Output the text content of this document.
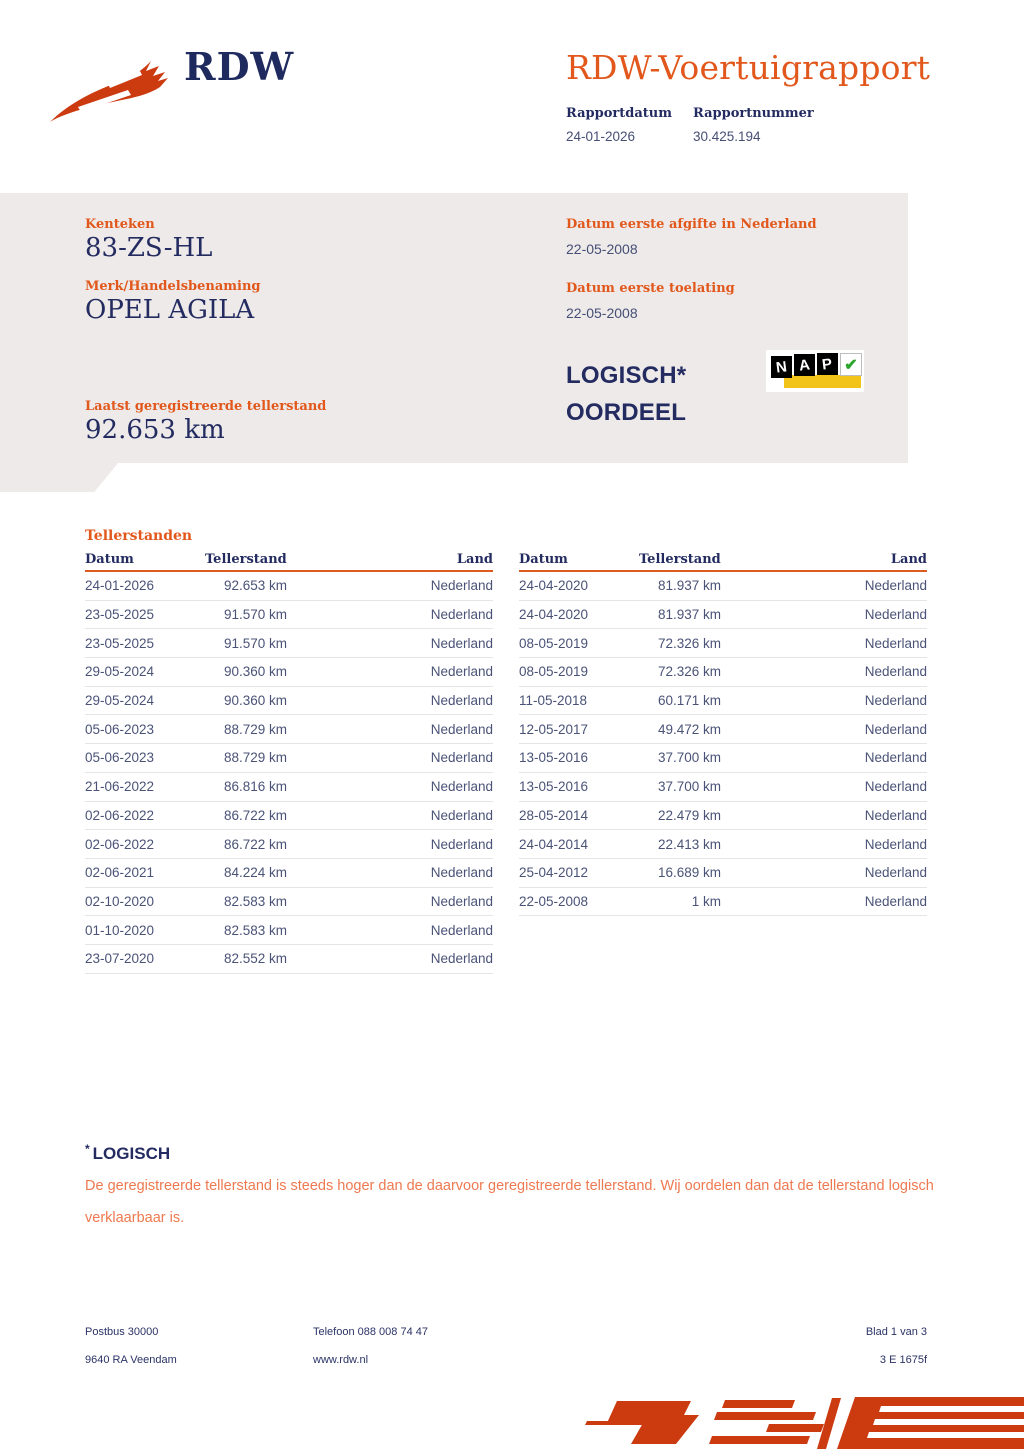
RDW	RDW-Voertuigrapport
Rapportdatum Rapportnummer
24-01-2026	30.425.194
Kenteken
83-ZS-HL
Merk/Handelsbenaming
OPEL AGILA
Laatst geregistreerde tellerstand
92.653 km
Datum eerste afgifte in Nederland
22-05-2008
Datum eerste toelating
22-05-2008
LOGISCH*
OORDEEL
N A P ✔
Tellerstanden
Datum	Tellerstand	Land
24-01-2026	92.653 km	Nederland
23-05-2025	91.570 km	Nederland
23-05-2025	91.570 km	Nederland
29-05-2024	90.360 km	Nederland
29-05-2024	90.360 km	Nederland
05-06-2023	88.729 km	Nederland
05-06-2023	88.729 km	Nederland
21-06-2022	86.816 km	Nederland
02-06-2022	86.722 km	Nederland
02-06-2022	86.722 km	Nederland
02-06-2021	84.224 km	Nederland
02-10-2020	82.583 km	Nederland
01-10-2020	82.583 km	Nederland
23-07-2020	82.552 km	Nederland
Datum	Tellerstand	Land
24-04-2020	81.937 km	Nederland
24-04-2020	81.937 km	Nederland
08-05-2019	72.326 km	Nederland
08-05-2019	72.326 km	Nederland
11-05-2018	60.171 km	Nederland
12-05-2017	49.472 km	Nederland
13-05-2016	37.700 km	Nederland
13-05-2016	37.700 km	Nederland
28-05-2014	22.479 km	Nederland
24-04-2014	22.413 km	Nederland
25-04-2012	16.689 km	Nederland
22-05-2008	1 km	Nederland
* LOGISCH
De geregistreerde tellerstand is steeds hoger dan de daarvoor geregistreerde tellerstand. Wij oordelen dan dat de tellerstand logisch verklaarbaar is.
Postbus 30000
9640 RA Veendam
Telefoon 088 008 74 47
www.rdw.nl
Blad 1 van 3
3 E 1675f
